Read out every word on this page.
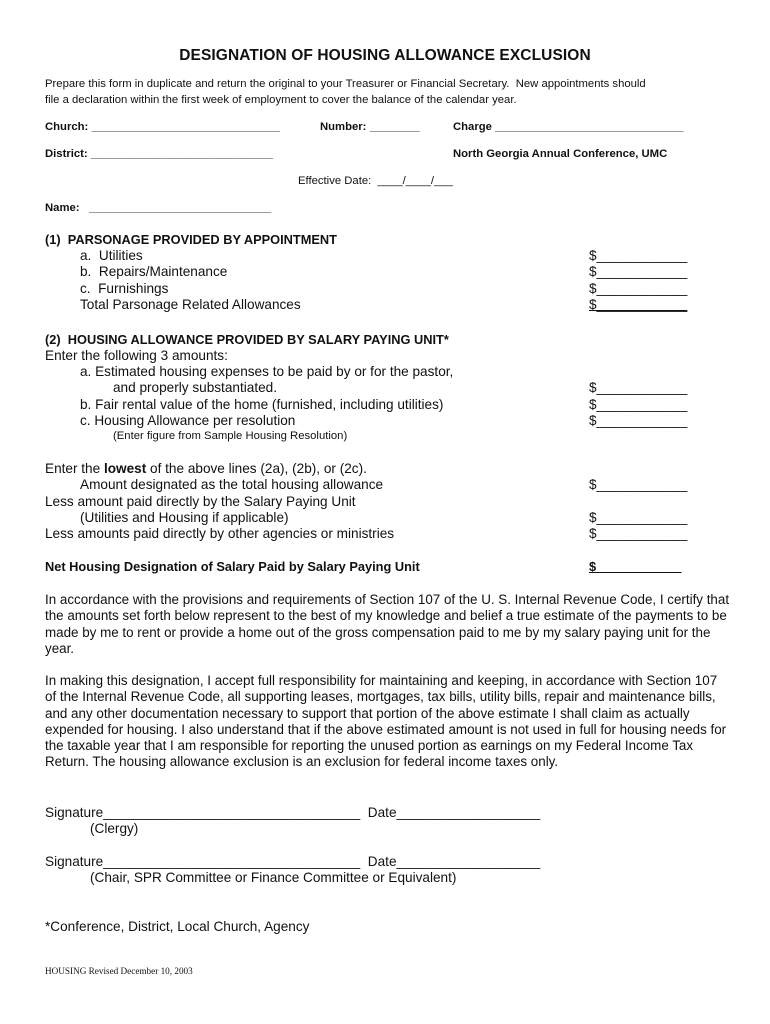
DESIGNATION OF HOUSING ALLOWANCE EXCLUSION
Prepare this form in duplicate and return the original to your Treasurer or Financial Secretary.  New appointments should
file a declaration within the first week of employment to cover the balance of the calendar year.
Church: ______________________________	Number: ________	Charge ______________________________
District: _____________________________	North Georgia Annual Conference, UMC
Effective Date:  ____/____/___
Name:   _____________________________
(1)  PARSONAGE PROVIDED BY APPOINTMENT
a.  Utilities	$____________
b.  Repairs/Maintenance	$____________
c.  Furnishings	$____________
Total Parsonage Related Allowances	$____________
(2)  HOUSING ALLOWANCE PROVIDED BY SALARY PAYING UNIT*
Enter the following 3 amounts:
a. Estimated housing expenses to be paid by or for the pastor,
and properly substantiated.	$____________
b. Fair rental value of the home (furnished, including utilities)	$____________
c. Housing Allowance per resolution	$____________
(Enter figure from Sample Housing Resolution)
Enter the lowest of the above lines (2a), (2b), or (2c).
Amount designated as the total housing allowance	$____________
Less amount paid directly by the Salary Paying Unit
(Utilities and Housing if applicable)	$____________
Less amounts paid directly by other agencies or ministries	$____________
Net Housing Designation of Salary Paid by Salary Paying Unit	$____________
In accordance with the provisions and requirements of Section 107 of the U. S. Internal Revenue Code, I certify that the amounts set forth below represent to the best of my knowledge and belief a true estimate of the payments to be made by me to rent or provide a home out of the gross compensation paid to me by my salary paying unit for the year.
In making this designation, I accept full responsibility for maintaining and keeping, in accordance with Section 107 of the Internal Revenue Code, all supporting leases, mortgages, tax bills, utility bills, repair and maintenance bills, and any other documentation necessary to support that portion of the above estimate I shall claim as actually expended for housing. I also understand that if the above estimated amount is not used in full for housing needs for the taxable year that I am responsible for reporting the unused portion as earnings on my Federal Income Tax Return. The housing allowance exclusion is an exclusion for federal income taxes only.
Signature__________________________________  Date___________________
(Clergy)
Signature__________________________________  Date___________________
(Chair, SPR Committee or Finance Committee or Equivalent)
*Conference, District, Local Church, Agency
HOUSING Revised December 10, 2003
